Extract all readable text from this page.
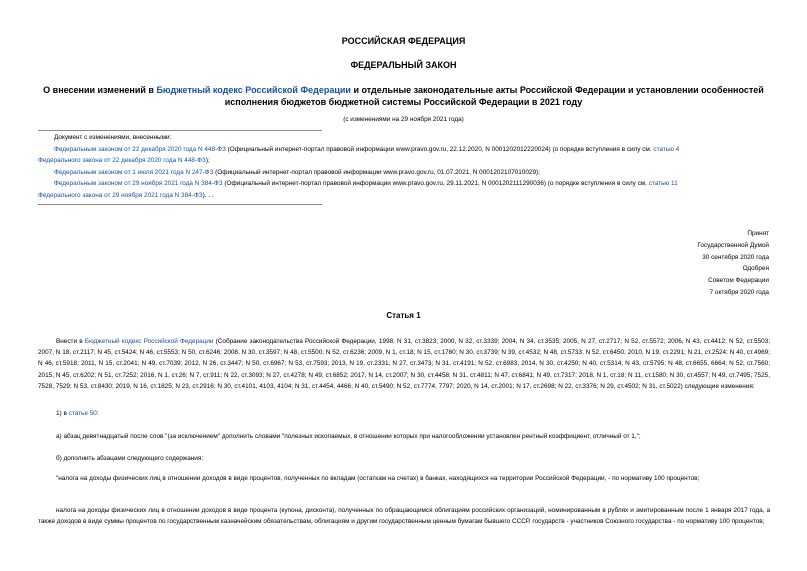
РОССИЙСКАЯ ФЕДЕРАЦИЯ
ФЕДЕРАЛЬНЫЙ ЗАКОН
О внесении изменений в Бюджетный кодекс Российской Федерации и отдельные законодательные акты Российской Федерации и установлении особенностей
исполнения бюджетов бюджетной системы Российской Федерации в 2021 году
(с изменениями на 29 ноября 2021 года)
Документ с изменениями, внесенными:
Федеральным законом от 22 декабря 2020 года N 448-ФЗ (Официальный интернет-портал правовой информации www.pravo.gov.ru, 22.12.2020, N 0001202012220024) (о порядке вступления в силу см. статью 4
Федерального закона от 22 декабря 2020 года N 448-ФЗ);
Федеральным законом от 1 июля 2021 года N 247-ФЗ (Официальный интернет-портал правовой информации www.pravo.gov.ru, 01.07.2021, N 0001202107010029);
Федеральным законом от 29 ноября 2021 года N 384-ФЗ (Официальный интернет-портал правовой информации www.pravo.gov.ru, 29.11.2021, N 0001202111290036) (о порядке вступления в силу см. статью 11
Федерального закона от 29 ноября 2021 года N 384-ФЗ). . .
Принят
Государственной Думой
30 сентября 2020 года
Одобрен
Советом Федерации
7 октября 2020 года
Статья 1
Внести в Бюджетный кодекс Российской Федерации (Собрание законодательства Российской Федерации, 1998, N 31, ст.3823; 2000, N 32, ст.3339; 2004, N 34, ст.3535; 2005, N 27, ст.2717; N 52, ст.5572; 2006, N 43, ст.4412; N 52, ст.5503; 2007, N 18, ст.2117; N 45, ст.5424; N 46, ст.5553; N 50, ст.6246; 2008, N 30, ст.3597; N 48, ст.5500; N 52, ст.6236; 2009, N 1, ст.18; N 15, ст.1780; N 30, ст.3739; N 39, ст.4532; N 48, ст.5733; N 52, ст.6450; 2010, N 19, ст.2291; N 21, ст.2524; N 40, ст.4969; N 46, ст.5918; 2011, N 15, ст.2041; N 49, ст.7039; 2012, N 26, ст.3447; N 50, ст.6967; N 53, ст.7593; 2013, N 19, ст.2331; N 27, ст.3473; N 31, ст.4191; N 52, ст.6983; 2014, N 30, ст.4250; N 40, ст.5314; N 43, ст.5795; N 48, ст.6655, 6664; N 52, ст.7560; 2015, N 45, ст.6202; N 51, ст.7252; 2016, N 1, ст.26; N 7, ст.911; N 22, ст.3093; N 27, ст.4278; N 49, ст.6852; 2017, N 14, ст.2007; N 30, ст.4458; N 31, ст.4811; N 47, ст.6841; N 49, ст.7317; 2018, N 1, ст.18; N 11, ст.1580; N 30, ст.4557; N 49, ст.7495, 7525, 7528, 7529; N 53, ст.8430; 2019, N 16, ст.1825; N 23, ст.2916; N 30, ст.4101, 4103, 4104; N 31, ст.4454, 4466; N 40, ст.5490; N 52, ст.7774, 7797; 2020, N 14, ст.2001; N 17, ст.2698; N 22, ст.3376; N 29, ст.4502; N 31, ст.5022) следующие изменения:
1) в статье 50:
а) абзац девятнадцатый после слов "(за исключением" дополнить словами "полезных ископаемых, в отношении которых при налогообложении установлен рентный коэффициент, отличный от 1,";
б) дополнить абзацами следующего содержания:
"налога на доходы физических лиц в отношении доходов в виде процентов, полученных по вкладам (остаткам на счетах) в банках, находящихся на территории Российской Федерации, - по нормативу 100 процентов;
налога на доходы физических лиц в отношении доходов в виде процента (купона, дисконта), полученных по обращающимся облигациям российских организаций, номинированным в рублях и эмитированным после 1 января 2017 года, а также доходов в виде суммы процентов по государственным казначейским обязательствам, облигациям и другим государственным ценным бумагам бывшего СССР, государств - участников Союзного государства - по нормативу 100 процентов;
